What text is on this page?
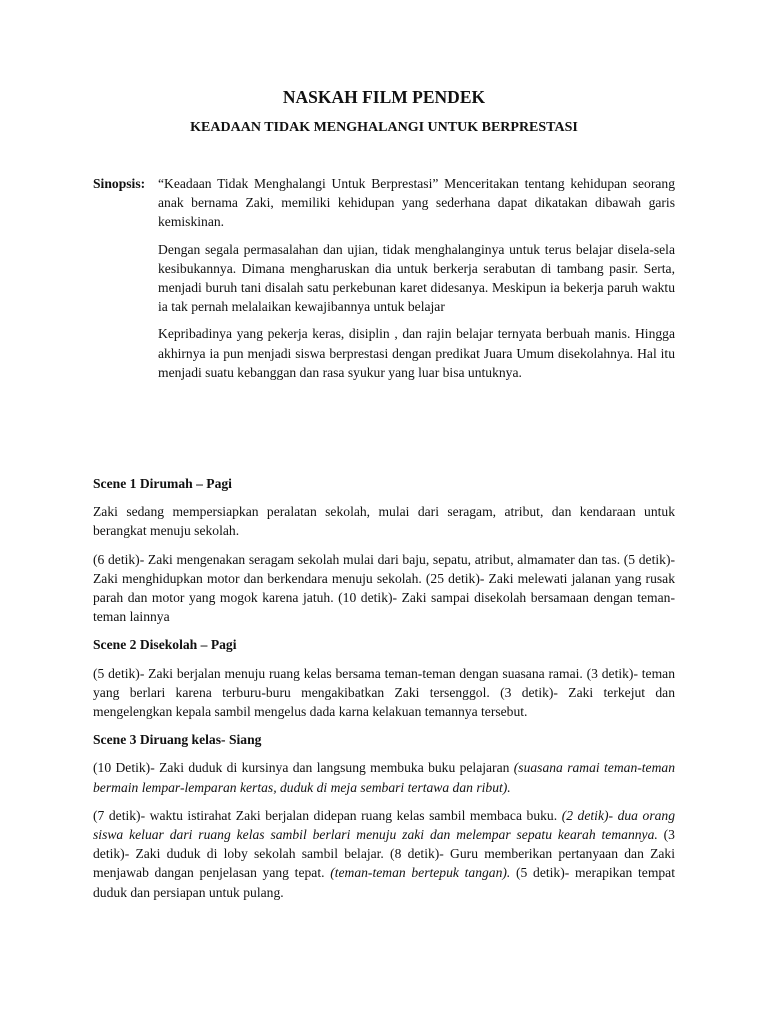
NASKAH FILM PENDEK
KEADAAN TIDAK MENGHALANGI UNTUK BERPRESTASI
Sinopsis: “Keadaan Tidak Menghalangi Untuk Berprestasi” Mencеritakan tentang kehidupan seorang anak bernama Zaki, memiliki kehidupan yang sederhana dapat dikatakan dibawah garis kemiskinan.

Dengan segala permasalahan dan ujian, tidak menghalanginya untuk terus belajar disela-sela kesibukannya. Dimana mengharuskan dia untuk berkerja serabutan di tambang pasir. Serta, menjadi buruh tani disalah satu perkebunan karet didesanya. Meskipun ia bekerja paruh waktu ia tak pernah melalaikan kewajibannya untuk belajar

Kepribadinya yang pekerja keras, disiplin , dan rajin belajar ternyata berbuah manis. Hingga akhirnya ia pun menjadi siswa berprestasi dengan predikat Juara Umum disekolahnya. Hal itu menjadi suatu kebanggan dan rasa syukur yang luar bisa untuknya.

Scene 1 Dirumah – Pagi

Zaki sedang mempersiapkan peralatan sekolah, mulai dari seragam, atribut, dan kendaraan untuk berangkat menuju sekolah.

(6 detik)- Zaki mengenakan seragam sekolah mulai dari baju, sepatu, atribut, almamater dan tas. (5 detik)- Zaki menghidupkan motor dan berkendara menuju sekolah. (25 detik)- Zaki melewati jalanan yang rusak parah dan motor yang mogok karena jatuh. (10 detik)- Zaki sampai disekolah bersamaan dengan teman-teman lainnya

Scene 2 Disekolah – Pagi

(5 detik)- Zaki berjalan menuju ruang kelas bersama teman-teman dengan suasana ramai. (3 detik)- teman yang berlari karena terburu-buru mengakibatkan Zaki tersenggol. (3 detik)- Zaki terkejut dan mengelengkan kepala sambil mengelus dada karna kelakuan temannya tersebut.

Scene 3 Diruang kelas- Siang

(10 Detik)- Zaki duduk di kursinya dan langsung membuka buku pelajaran (suasana ramai teman-teman bermain lempar-lemparan kertas, duduk di meja sembari tertawa dan ribut).

(7 detik)- waktu istirahat Zaki berjalan didepan ruang kelas sambil membaca buku. (2 detik)- dua orang siswa keluar dari ruang kelas sambil berlari menuju zaki dan melempar sepatu kearah temannya. (3 detik)- Zaki duduk di loby sekolah sambil belajar. (8 detik)- Guru memberikan pertanyaan dan Zaki menjawab dangan penjelasan yang tepat. (teman-teman bertepuk tangan). (5 detik)- merapikan tempat duduk dan persiapan untuk pulang.
